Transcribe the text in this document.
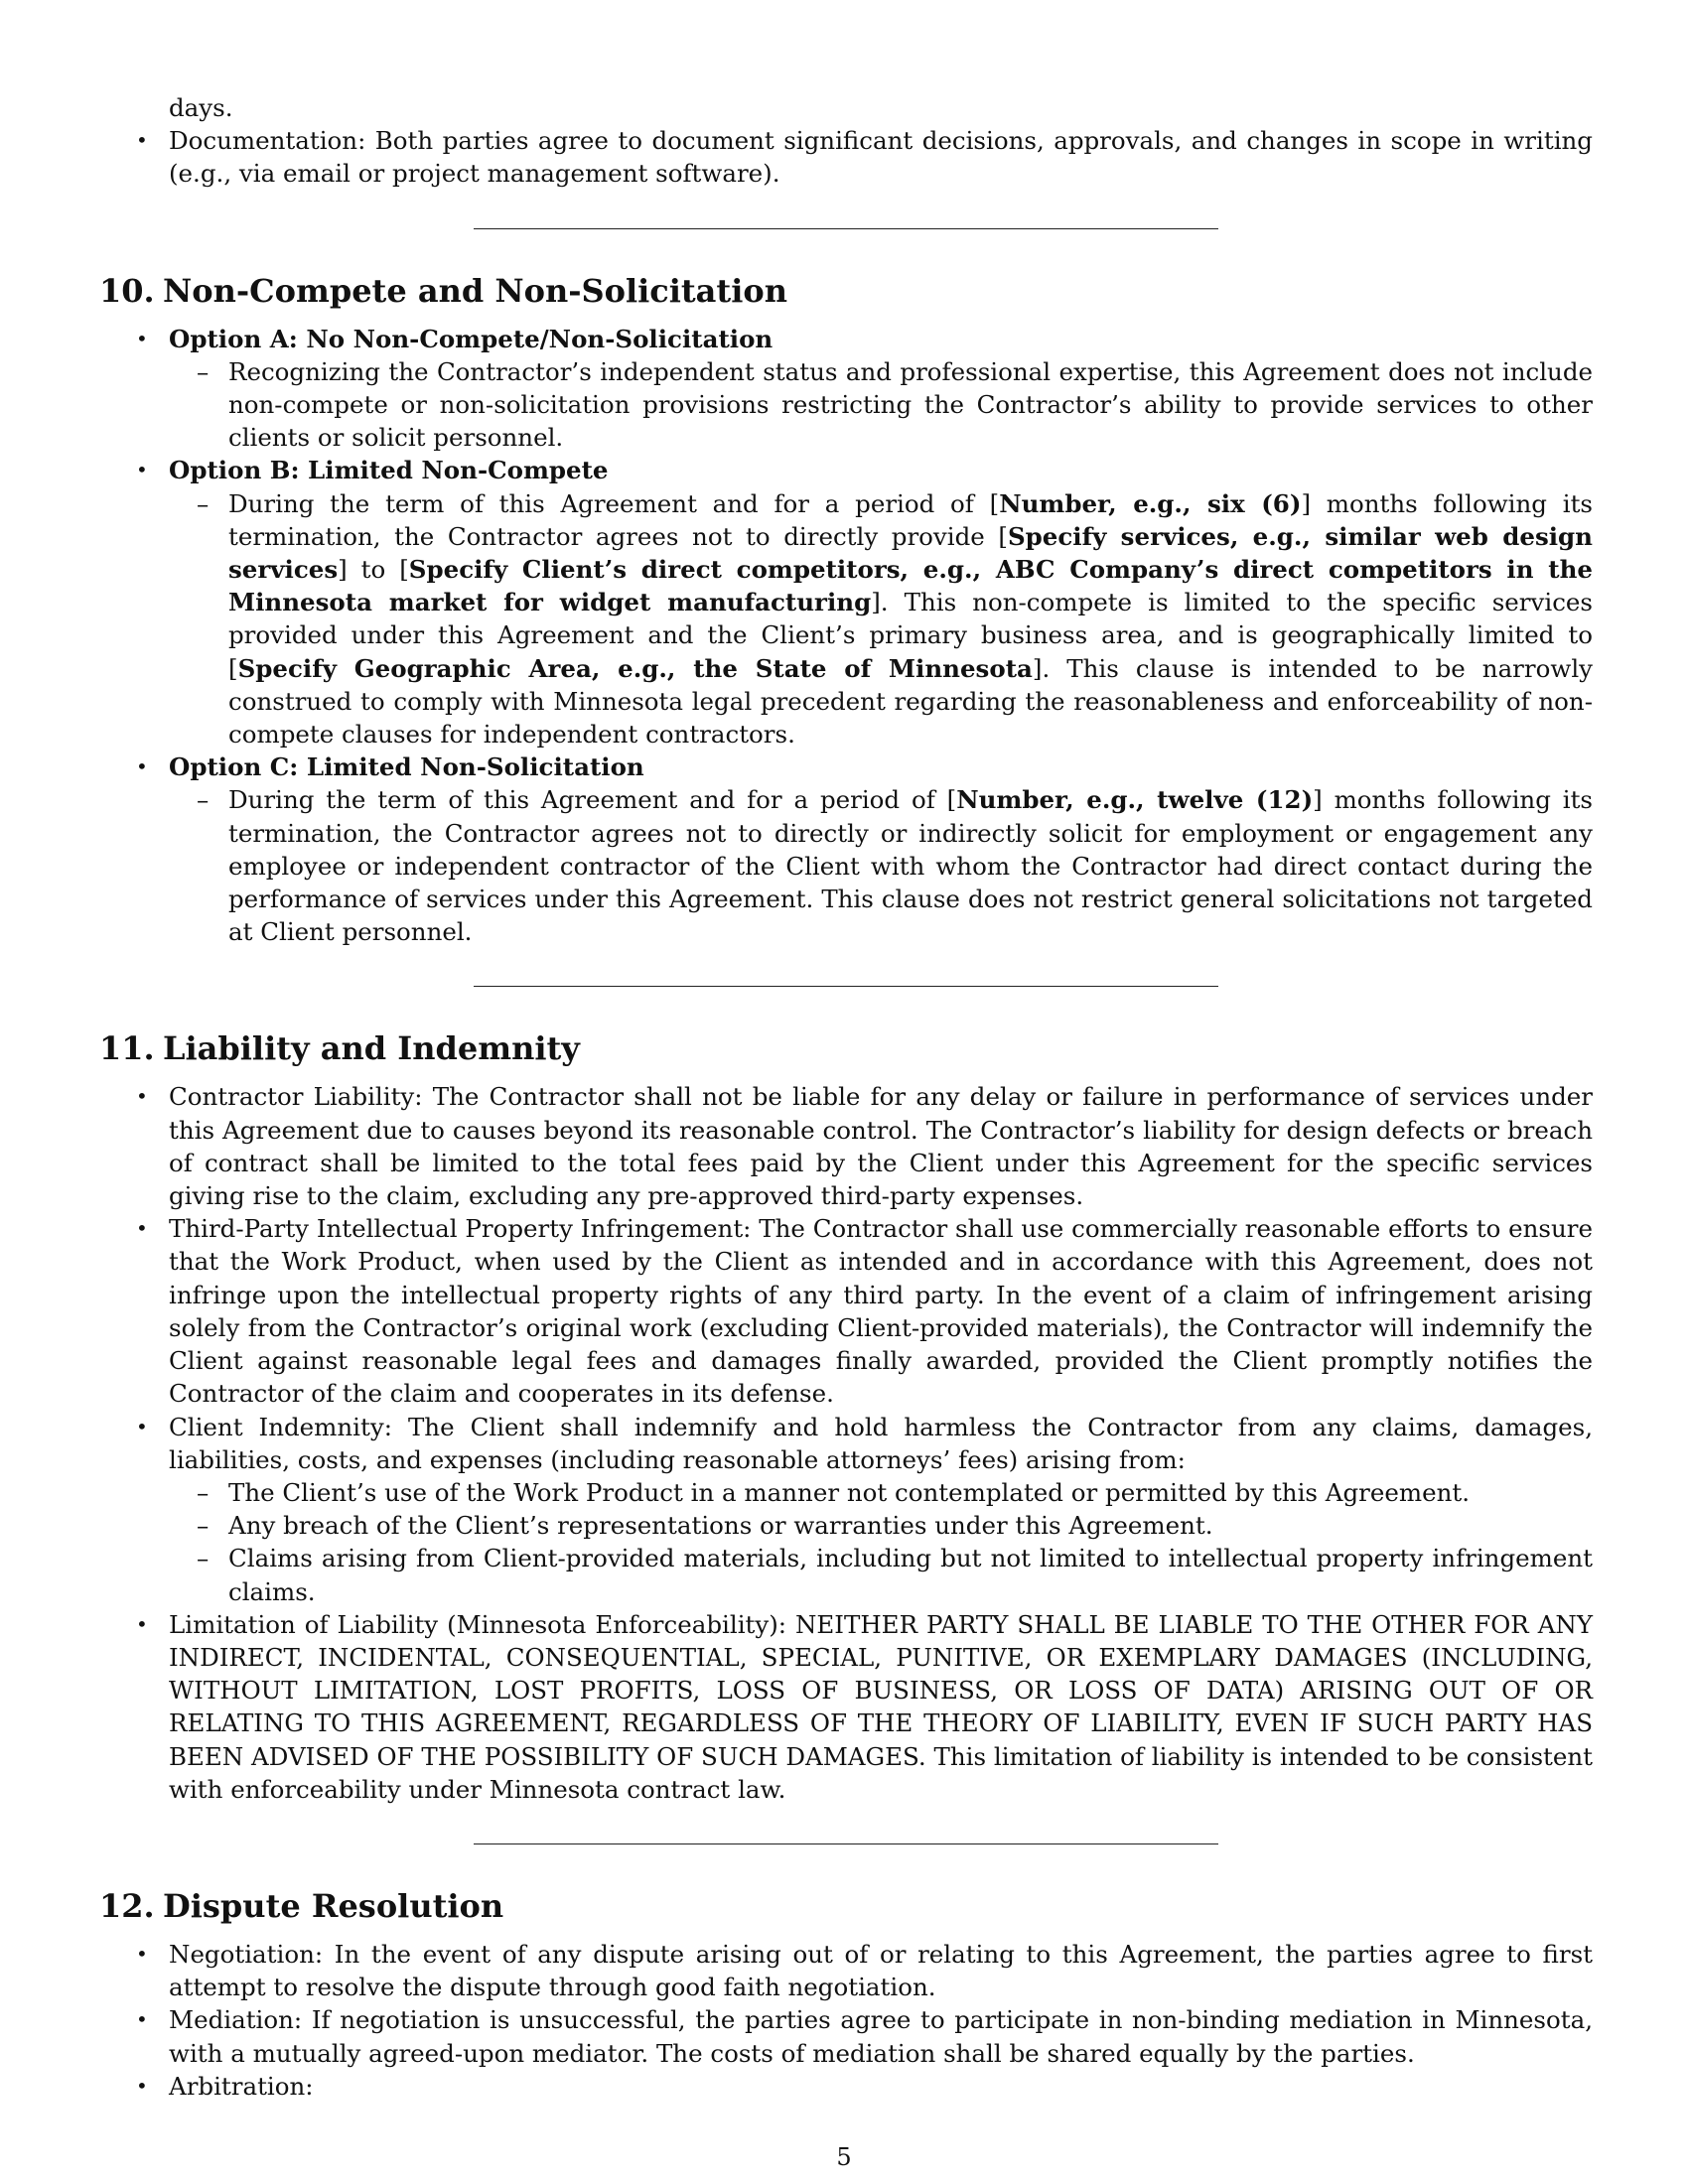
days.

• Documentation: Both parties agree to document significant decisions, approvals, and changes in scope in writing (e.g., via email or project management software).

10. Non-Compete and Non-Solicitation

• Option A: No Non-Compete/Non-Solicitation

– Recognizing the Contractor’s independent status and professional expertise, this Agreement does not include non-compete or non-solicitation provisions restricting the Contractor’s ability to provide services to other clients or solicit personnel.

• Option B: Limited Non-Compete

– During the term of this Agreement and for a period of [Number, e.g., six (6)] months following its termination, the Contractor agrees not to directly provide [Specify services, e.g., similar web design services] to [Specify Client’s direct competitors, e.g., ABC Company’s direct competitors in the Minnesota market for widget manufacturing]. This non-compete is limited to the specific services provided under this Agreement and the Client’s primary business area, and is geographically limited to [Specify Geographic Area, e.g., the State of Minnesota]. This clause is intended to be narrowly construed to comply with Minnesota legal precedent regarding the reasonableness and enforceability of non-compete clauses for independent contractors.

• Option C: Limited Non-Solicitation

– During the term of this Agreement and for a period of [Number, e.g., twelve (12)] months following its termination, the Contractor agrees not to directly or indirectly solicit for employment or engagement any employee or independent contractor of the Client with whom the Contractor had direct contact during the performance of services under this Agreement. This clause does not restrict general solicitations not targeted at Client personnel.

11. Liability and Indemnity

• Contractor Liability: The Contractor shall not be liable for any delay or failure in performance of services under this Agreement due to causes beyond its reasonable control. The Contractor’s liability for design defects or breach of contract shall be limited to the total fees paid by the Client under this Agreement for the specific services giving rise to the claim, excluding any pre-approved third-party expenses.

• Third-Party Intellectual Property Infringement: The Contractor shall use commercially reasonable efforts to ensure that the Work Product, when used by the Client as intended and in accordance with this Agreement, does not infringe upon the intellectual property rights of any third party. In the event of a claim of infringement arising solely from the Contractor’s original work (excluding Client-provided materials), the Contractor will indemnify the Client against reasonable legal fees and damages finally awarded, provided the Client promptly notifies the Contractor of the claim and cooperates in its defense.

• Client Indemnity: The Client shall indemnify and hold harmless the Contractor from any claims, damages, liabilities, costs, and expenses (including reasonable attorneys’ fees) arising from:

– The Client’s use of the Work Product in a manner not contemplated or permitted by this Agreement.

– Any breach of the Client’s representations or warranties under this Agreement.

– Claims arising from Client-provided materials, including but not limited to intellectual property infringement claims.

• Limitation of Liability (Minnesota Enforceability): NEITHER PARTY SHALL BE LIABLE TO THE OTHER FOR ANY INDIRECT, INCIDENTAL, CONSEQUENTIAL, SPECIAL, PUNITIVE, OR EXEMPLARY DAMAGES (INCLUDING, WITHOUT LIMITATION, LOST PROFITS, LOSS OF BUSINESS, OR LOSS OF DATA) ARISING OUT OF OR RELATING TO THIS AGREEMENT, REGARDLESS OF THE THEORY OF LIABILITY, EVEN IF SUCH PARTY HAS BEEN ADVISED OF THE POSSIBILITY OF SUCH DAMAGES. This limitation of liability is intended to be consistent with enforceability under Minnesota contract law.

12. Dispute Resolution

• Negotiation: In the event of any dispute arising out of or relating to this Agreement, the parties agree to first attempt to resolve the dispute through good faith negotiation.

• Mediation: If negotiation is unsuccessful, the parties agree to participate in non-binding mediation in Minnesota, with a mutually agreed-upon mediator. The costs of mediation shall be shared equally by the parties.

• Arbitration:

5
